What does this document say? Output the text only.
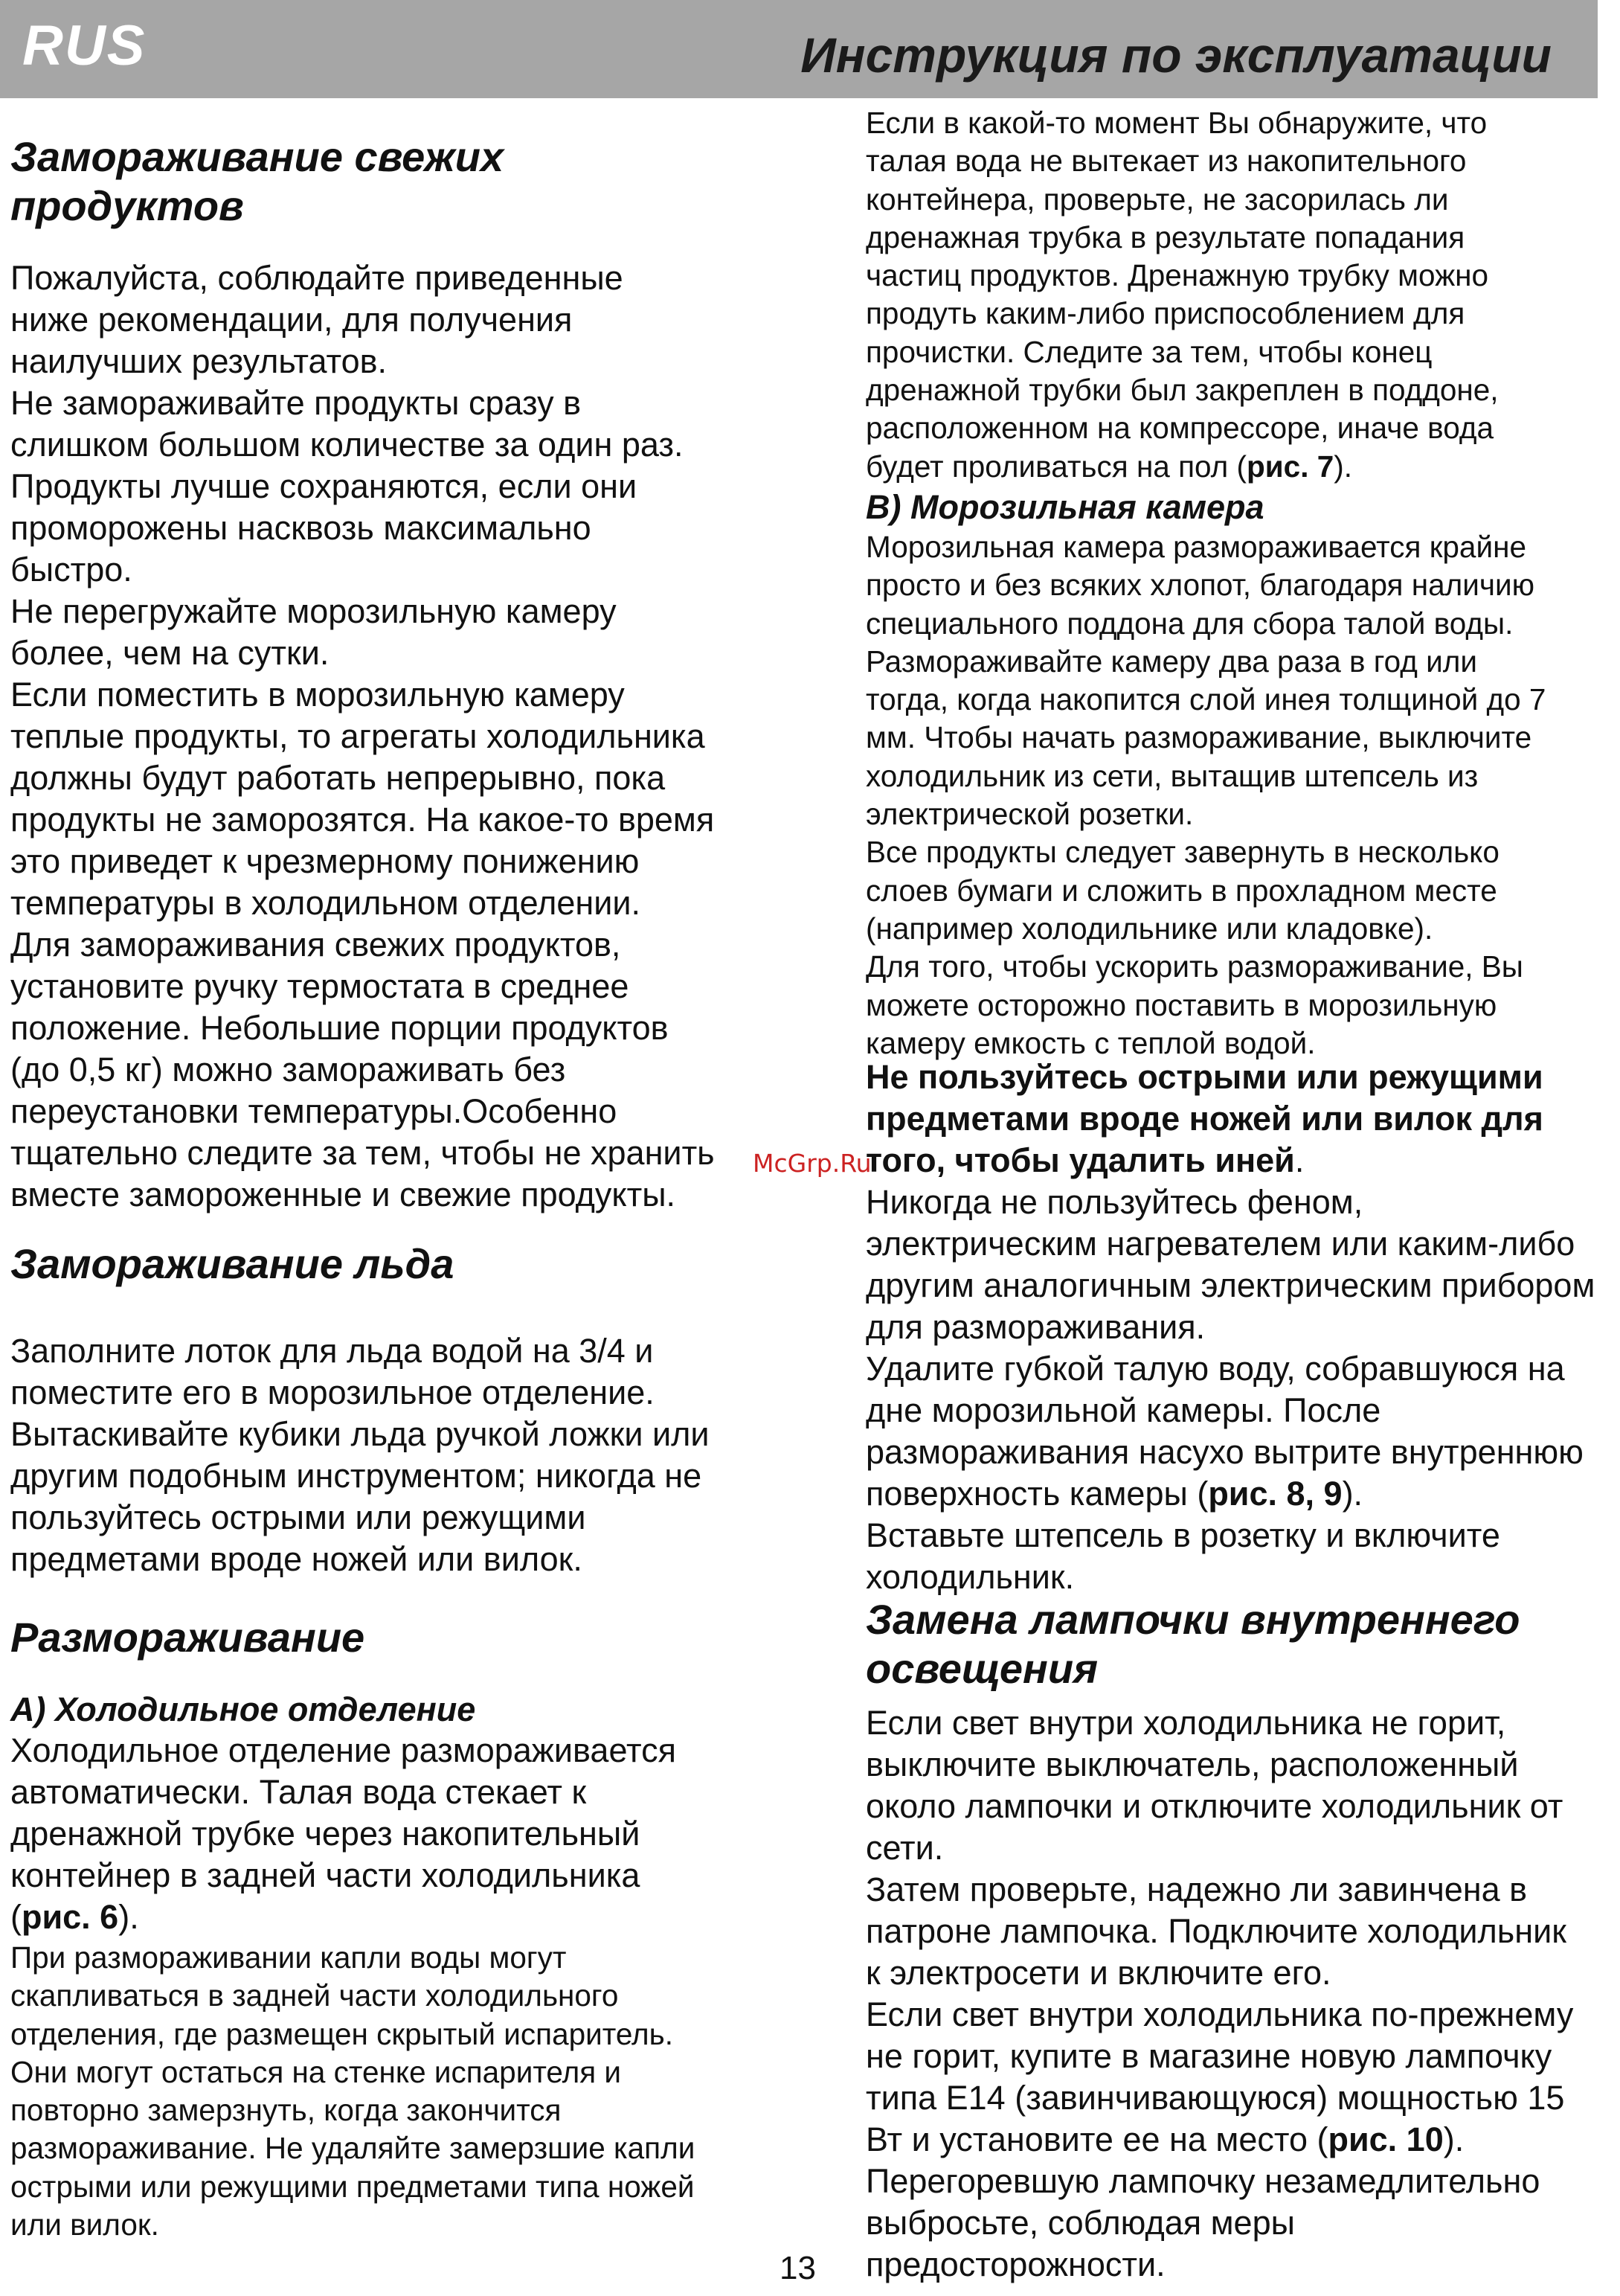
RUS	Инструкция по эксплуатации
Замораживание свежих
продуктов

Пожалуйста, соблюдайте приведенные
ниже рекомендации, для получения
наилучших результатов.
Не замораживайте продукты сразу в
слишком большом количестве за один раз.
Продукты лучше сохраняются, если они
проморожены насквозь максимально
быстро.
Не перегружайте морозильную камеру
более, чем на сутки.
Если поместить в морозильную камеру
теплые продукты, то агрегаты холодильника
должны будут работать непрерывно, пока
продукты не заморозятся. На какое-то время
это приведет к чрезмерному понижению
температуры в холодильном отделении.
Для замораживания свежих продуктов,
установите ручку термостата в среднее
положение. Небольшие порции продуктов
(до 0,5 кг) можно замораживать без
переустановки температуры.Особенно
тщательно следите за тем, чтобы не хранить
вместе замороженные и свежие продукты.

Замораживание льда

Заполните лоток для льда водой на 3/4 и
поместите его в морозильное отделение.
Вытаскивайте кубики льда ручкой ложки или
другим подобным инструментом; никогда не
пользуйтесь острыми или режущими
предметами вроде ножей или вилок.

Размораживание
А) Холодильное отделение

Холодильное отделение размораживается
автоматически. Талая вода стекает к
дренажной трубке через накопительный
контейнер в задней части холодильника
(рис. 6).

При размораживании капли воды могут
скапливаться в задней части холодильного
отделения, где размещен скрытый испаритель.
Они могут остаться на стенке испарителя и
повторно замерзнуть, когда закончится
размораживание. Не удаляйте замерзшие капли
острыми или режущими предметами типа ножей
или вилок.

Если в какой-то момент Вы обнаружите, что
талая вода не вытекает из накопительного
контейнера, проверьте, не засорилась ли
дренажная трубка в результате попадания
частиц продуктов. Дренажную трубку можно
продуть каким-либо приспособлением для
прочистки. Следите за тем, чтобы конец
дренажной трубки был закреплен в поддоне,
расположенном на компрессоре, иначе вода
будет проливаться на пол (рис. 7).

В) Морозильная камера

Морозильная камера размораживается крайне
просто и без всяких хлопот, благодаря наличию
специального поддона для сбора талой воды.
Размораживайте камеру два раза в год или
тогда, когда накопится слой инея толщиной до 7
мм. Чтобы начать размораживание, выключите
холодильник из сети, вытащив штепсель из
электрической розетки.
Все продукты следует завернуть в несколько
слоев бумаги и сложить в прохладном месте
(например холодильнике или кладовке).
Для того, чтобы ускорить размораживание, Вы
можете осторожно поставить в морозильную
камеру емкость с теплой водой.

Не пользуйтесь острыми или режущими
предметами вроде ножей или вилок для
того, чтобы удалить иней.

Никогда не пользуйтесь феном,
электрическим нагревателем или каким-либо
другим аналогичным электрическим прибором
для размораживания.
Удалите губкой талую воду, собравшуюся на
дне морозильной камеры. После
размораживания насухо вытрите внутреннюю
поверхность камеры (рис. 8, 9).

Вставьте штепсель в розетку и включите
холодильник.

Замена лампочки внутреннего
освещения

Если свет внутри холодильника не горит,
выключите выключатель, расположенный
около лампочки и отключите холодильник от
сети.
Затем проверьте, надежно ли завинчена в
патроне лампочка. Подключите холодильник
к электросети и включите его.
Если свет внутри холодильника по-прежнему
не горит, купите в магазине новую лампочку
типа Е14 (завинчивающуюся) мощностью 15
Вт и установите ее на место (рис. 10).

Перегоревшую лампочку незамедлительно
выбросьте, соблюдая меры
предосторожности.

McGrp.Ru
13
